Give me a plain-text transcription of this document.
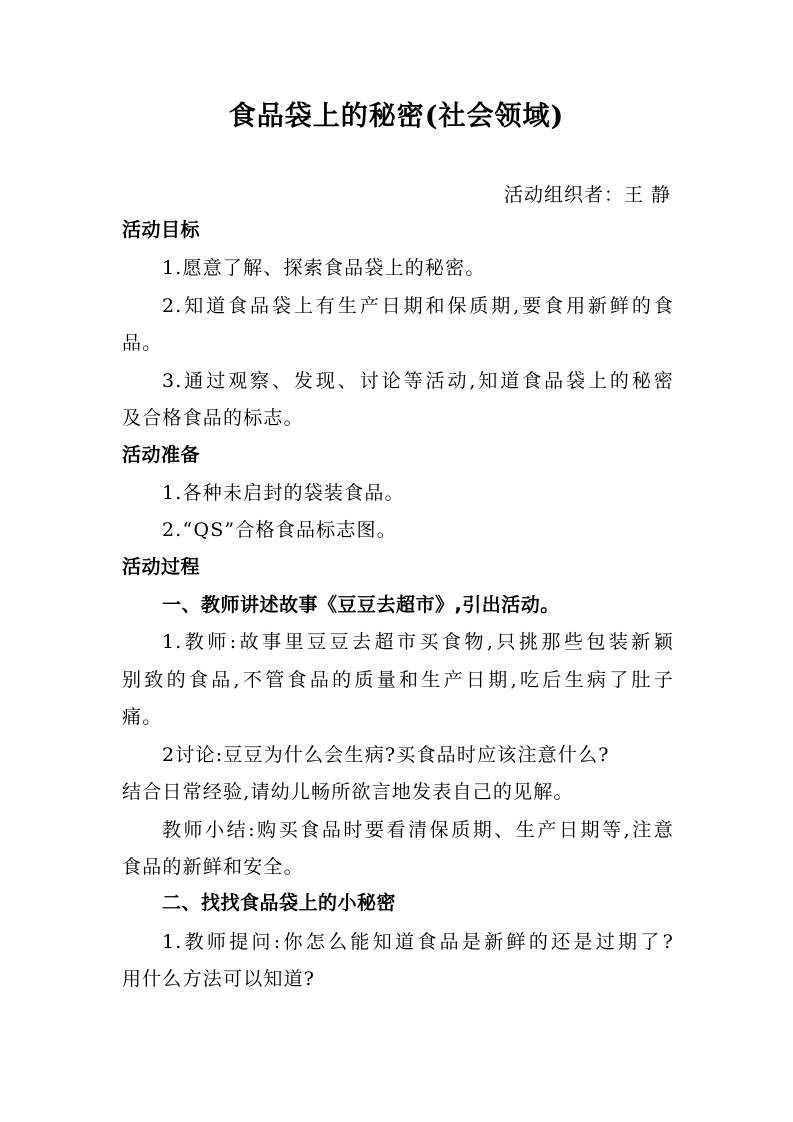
食品袋上的秘密(社会领域)
活动组织者：王 静
活动目标
1.愿意了解、探索食品袋上的秘密。
2.知道食品袋上有生产日期和保质期,要食用新鲜的食
品。
3.通过观察、发现、讨论等活动,知道食品袋上的秘密
及合格食品的标志。
活动准备
1.各种未启封的袋装食品。
2.“QS”合格食品标志图。
活动过程
一、教师讲述故事《豆豆去超市》,引出活动。
1.教师:故事里豆豆去超市买食物,只挑那些包装新颖
别致的食品,不管食品的质量和生产日期,吃后生病了肚子
痛。
2讨论:豆豆为什么会生病?买食品时应该注意什么?
结合日常经验,请幼儿畅所欲言地发表自己的见解。
教师小结:购买食品时要看清保质期、生产日期等,注意
食品的新鲜和安全。
二、找找食品袋上的小秘密
1.教师提问:你怎么能知道食品是新鲜的还是过期了?
用什么方法可以知道?
